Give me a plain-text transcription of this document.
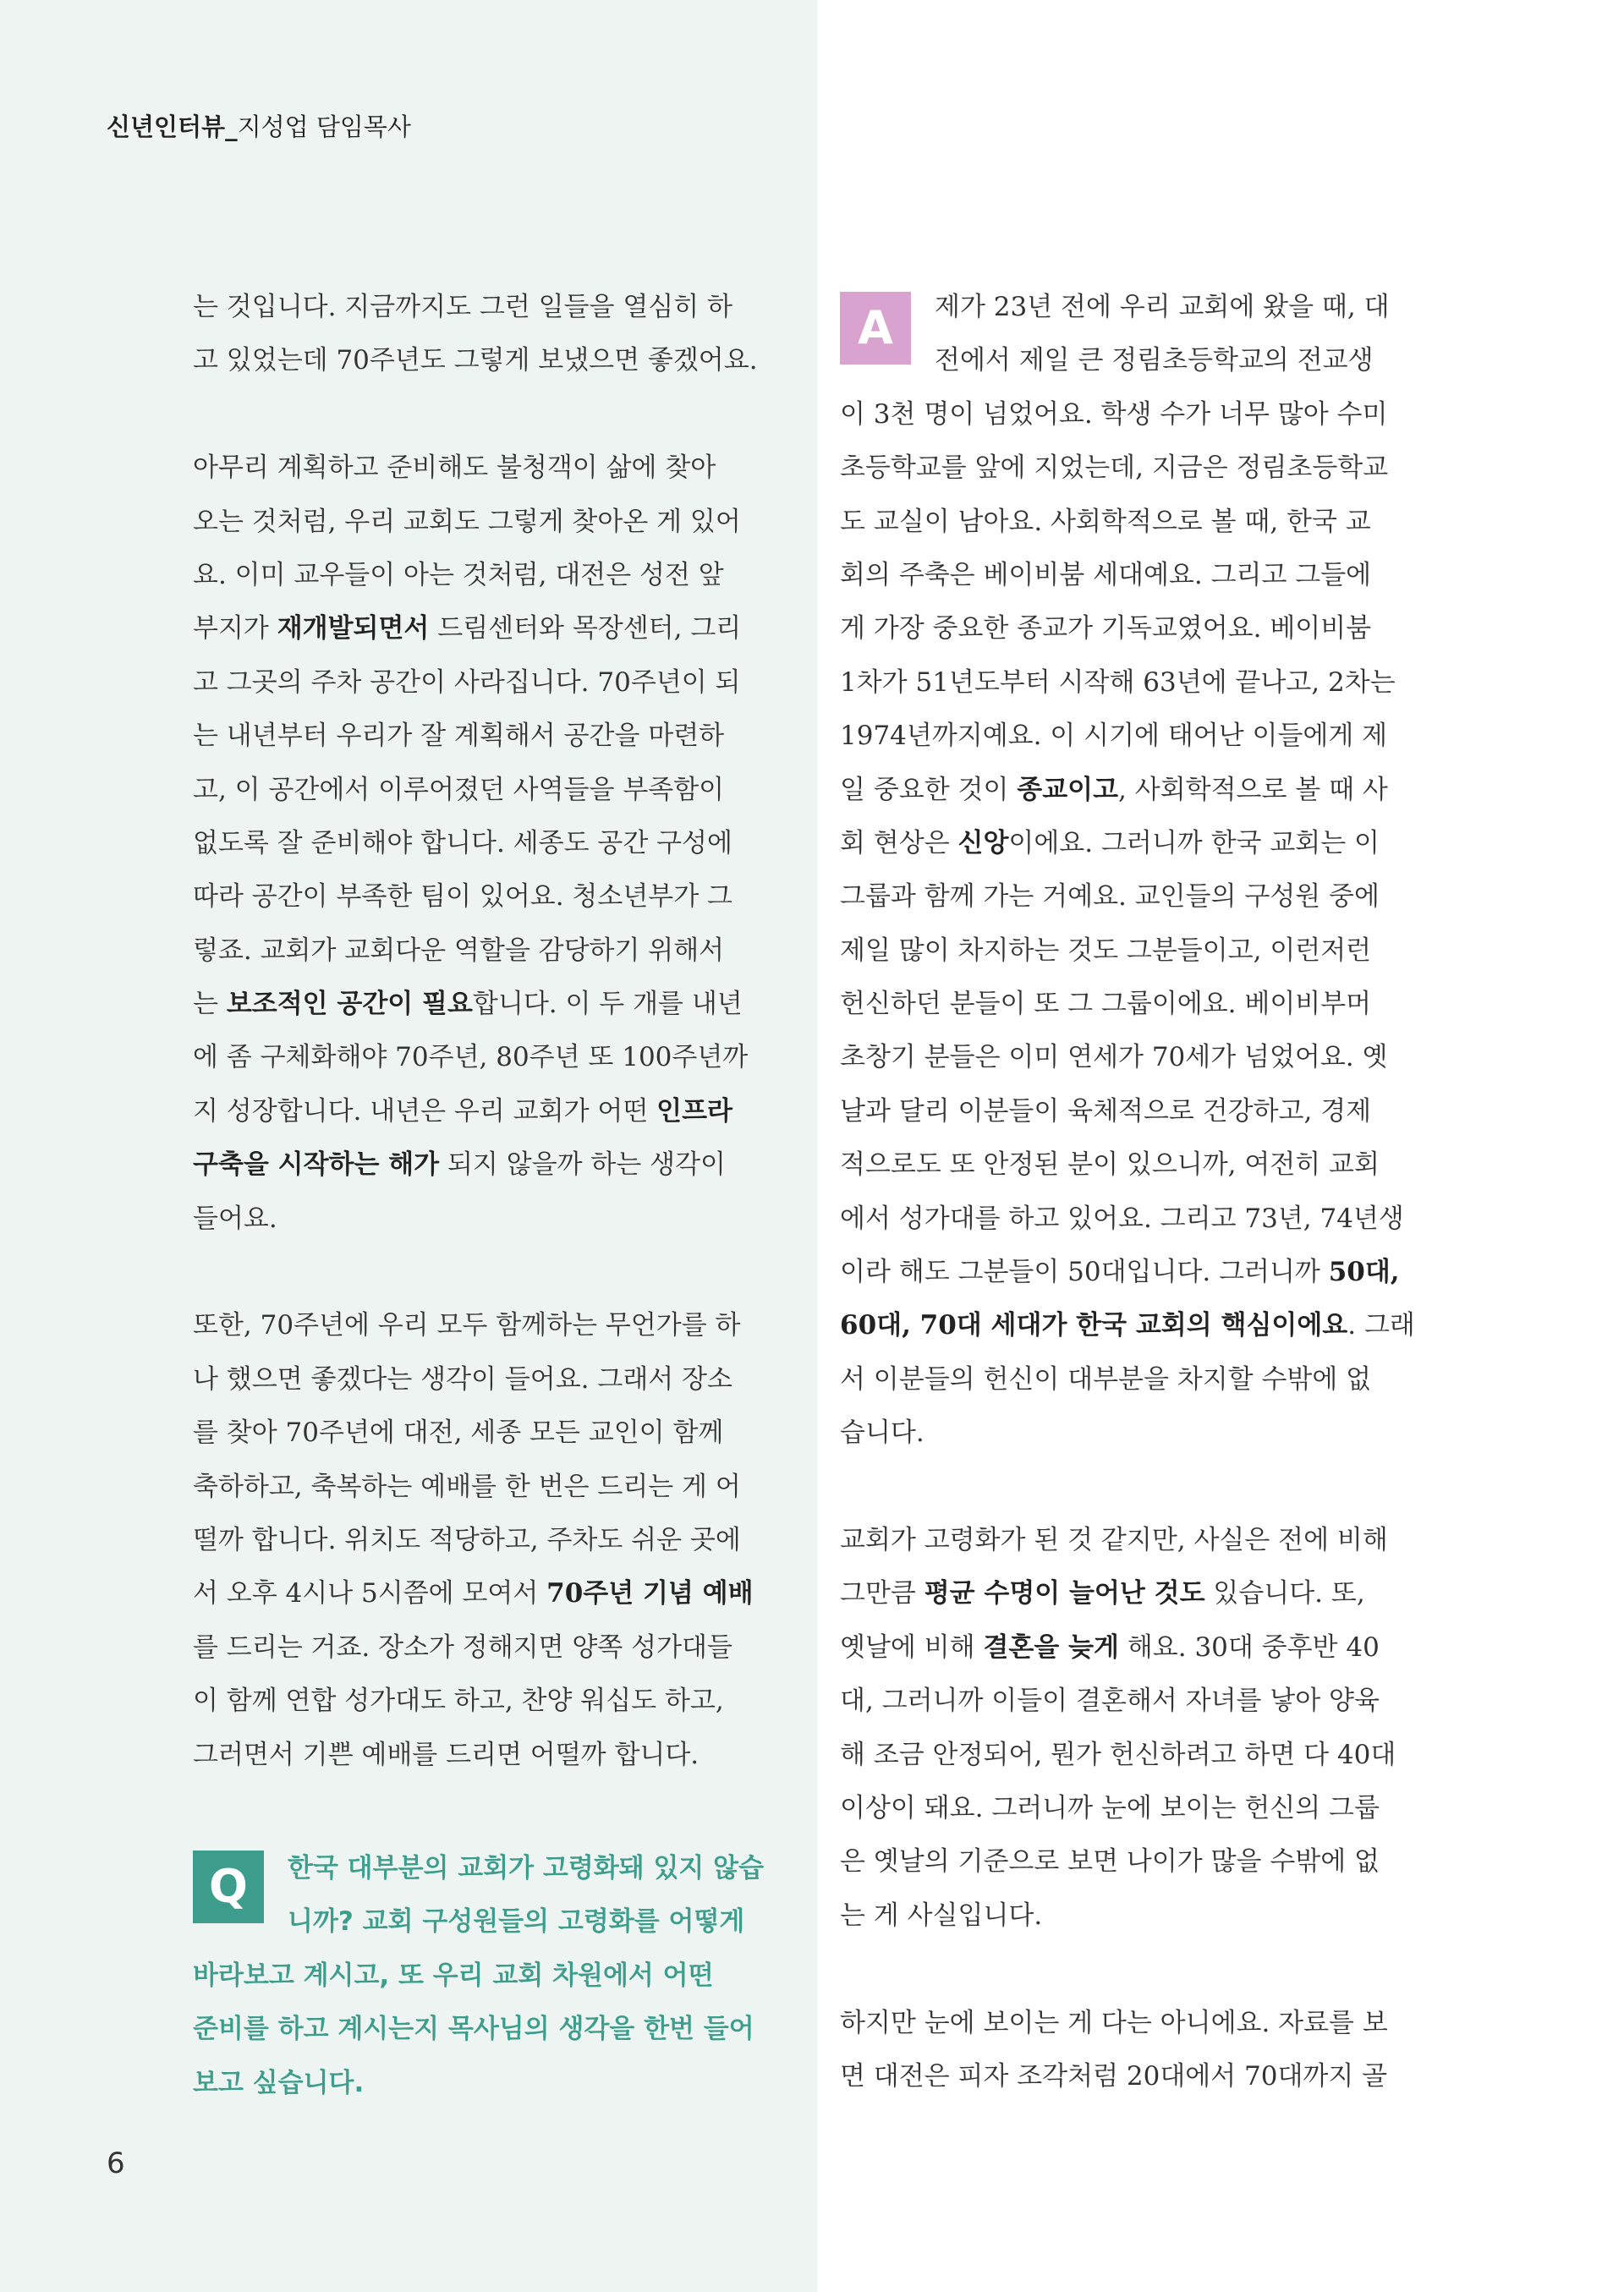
신년인터뷰_지성업 담임목사
는 것입니다. 지금까지도 그런 일들을 열심히 하
고 있었는데 70주년도 그렇게 보냈으면 좋겠어요.
아무리 계획하고 준비해도 불청객이 삶에 찾아
오는 것처럼, 우리 교회도 그렇게 찾아온 게 있어
요. 이미 교우들이 아는 것처럼, 대전은 성전 앞
부지가 재개발되면서 드림센터와 목장센터, 그리
고 그곳의 주차 공간이 사라집니다. 70주년이 되
는 내년부터 우리가 잘 계획해서 공간을 마련하
고, 이 공간에서 이루어졌던 사역들을 부족함이
없도록 잘 준비해야 합니다. 세종도 공간 구성에
따라 공간이 부족한 팀이 있어요. 청소년부가 그
렇죠. 교회가 교회다운 역할을 감당하기 위해서
는 보조적인 공간이 필요합니다. 이 두 개를 내년
에 좀 구체화해야 70주년, 80주년 또 100주년까
지 성장합니다. 내년은 우리 교회가 어떤 인프라
구축을 시작하는 해가 되지 않을까 하는 생각이
들어요.
또한, 70주년에 우리 모두 함께하는 무언가를 하
나 했으면 좋겠다는 생각이 들어요. 그래서 장소
를 찾아 70주년에 대전, 세종 모든 교인이 함께
축하하고, 축복하는 예배를 한 번은 드리는 게 어
떨까 합니다. 위치도 적당하고, 주차도 쉬운 곳에
서 오후 4시나 5시쯤에 모여서 70주년 기념 예배
를 드리는 거죠. 장소가 정해지면 양쪽 성가대들
이 함께 연합 성가대도 하고, 찬양 워십도 하고,
그러면서 기쁜 예배를 드리면 어떨까 합니다.
Q	한국 대부분의 교회가 고령화돼 있지 않습
니까? 교회 구성원들의 고령화를 어떻게
바라보고 계시고, 또 우리 교회 차원에서 어떤
준비를 하고 계시는지 목사님의 생각을 한번 들어
보고 싶습니다.
A	제가 23년 전에 우리 교회에 왔을 때, 대
전에서 제일 큰 정림초등학교의 전교생
이 3천 명이 넘었어요. 학생 수가 너무 많아 수미
초등학교를 앞에 지었는데, 지금은 정림초등학교
도 교실이 남아요. 사회학적으로 볼 때, 한국 교
회의 주축은 베이비붐 세대예요. 그리고 그들에
게 가장 중요한 종교가 기독교였어요. 베이비붐
1차가 51년도부터 시작해 63년에 끝나고, 2차는
1974년까지예요. 이 시기에 태어난 이들에게 제
일 중요한 것이 종교이고, 사회학적으로 볼 때 사
회 현상은 신앙이에요. 그러니까 한국 교회는 이
그룹과 함께 가는 거예요. 교인들의 구성원 중에
제일 많이 차지하는 것도 그분들이고, 이런저런
헌신하던 분들이 또 그 그룹이에요. 베이비부머
초창기 분들은 이미 연세가 70세가 넘었어요. 옛
날과 달리 이분들이 육체적으로 건강하고, 경제
적으로도 또 안정된 분이 있으니까, 여전히 교회
에서 성가대를 하고 있어요. 그리고 73년, 74년생
이라 해도 그분들이 50대입니다. 그러니까 50대,
60대, 70대 세대가 한국 교회의 핵심이에요. 그래
서 이분들의 헌신이 대부분을 차지할 수밖에 없
습니다.
교회가 고령화가 된 것 같지만, 사실은 전에 비해
그만큼 평균 수명이 늘어난 것도 있습니다. 또,
옛날에 비해 결혼을 늦게 해요. 30대 중후반 40
대, 그러니까 이들이 결혼해서 자녀를 낳아 양육
해 조금 안정되어, 뭔가 헌신하려고 하면 다 40대
이상이 돼요. 그러니까 눈에 보이는 헌신의 그룹
은 옛날의 기준으로 보면 나이가 많을 수밖에 없
는 게 사실입니다.
하지만 눈에 보이는 게 다는 아니에요. 자료를 보
면 대전은 피자 조각처럼 20대에서 70대까지 골
6
